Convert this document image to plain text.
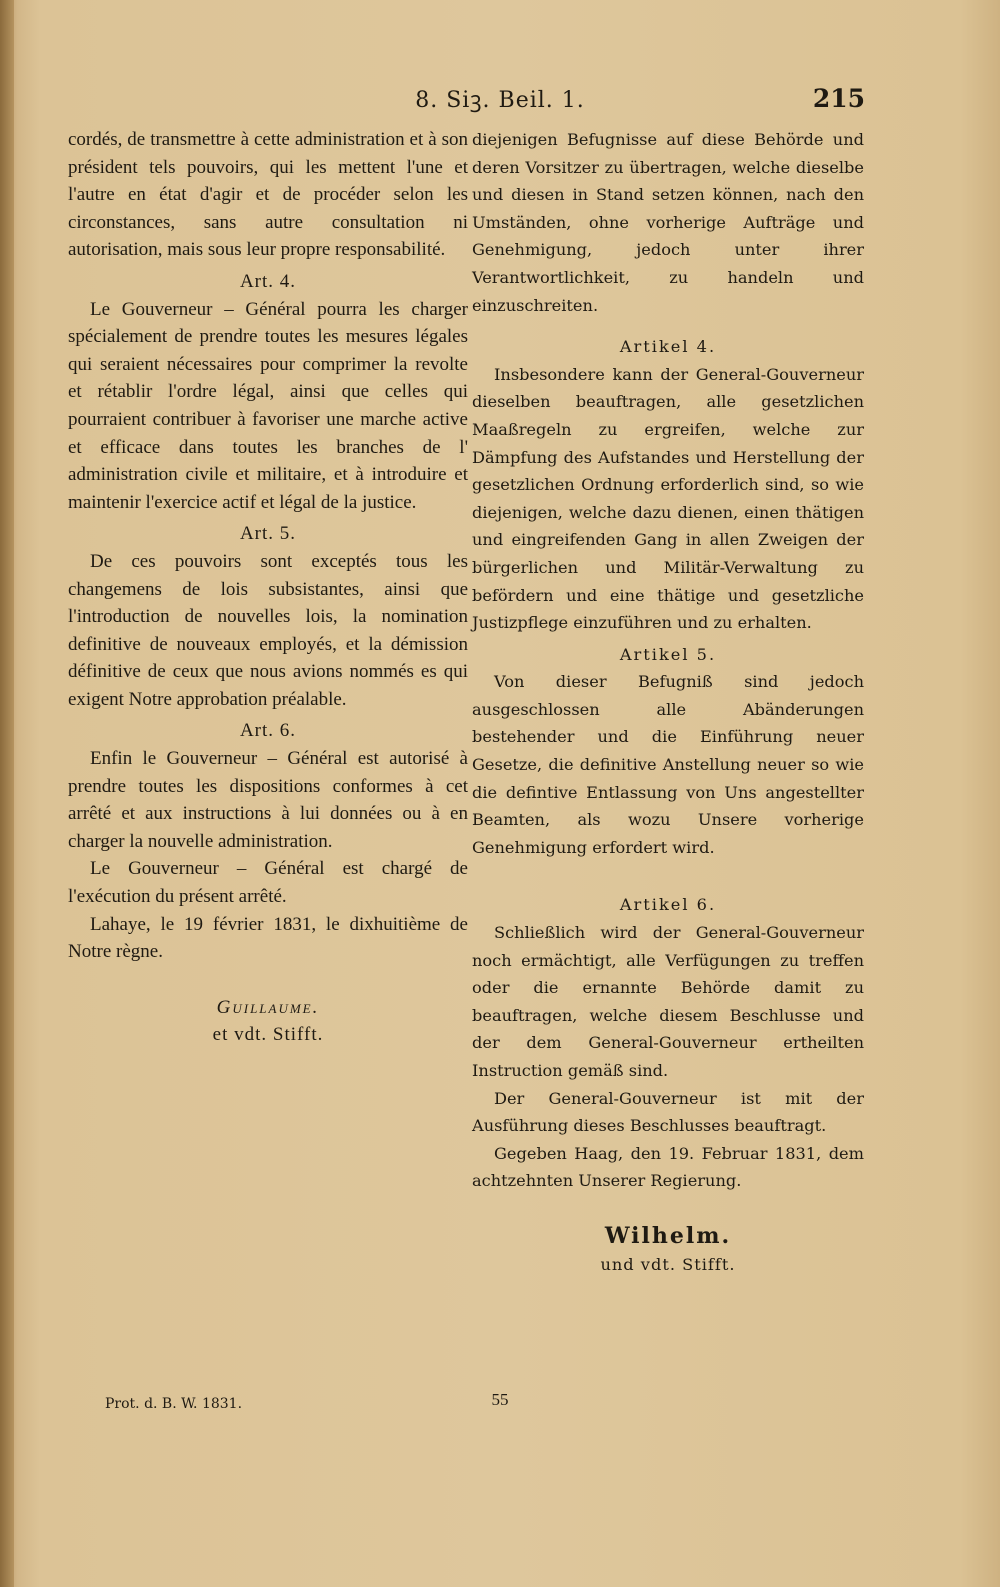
8. Siꝫ. Beil. 1.	215

cordés, de transmettre à cette administration et à son président tels pouvoirs, qui les mettent l'une et l'autre en état d'agir et de procéder selon les circonstances, sans autre consultation ni autorisation, mais sous leur propre responsabilité.

Art. 4.

Le Gouverneur – Général pourra les charger spécialement de prendre toutes les mesures légales qui seraient nécessaires pour comprimer la revolte et rétablir l'ordre légal, ainsi que celles qui pourraient contribuer à favoriser une marche active et efficace dans toutes les branches de l' administration civile et militaire, et à introduire et maintenir l'exercice actif et légal de la justice.

Art. 5.

De ces pouvoirs sont exceptés tous les changemens de lois subsistantes, ainsi que l'introduction de nouvelles lois, la nomination definitive de nouveaux employés, et la démission définitive de ceux que nous avions nommés es qui exigent Notre approbation préalable.

Art. 6.

Enfin le Gouverneur – Général est autorisé à prendre toutes les dispositions conformes à cet arrêté et aux instructions à lui données ou à en charger la nouvelle administration.

Le Gouverneur – Général est chargé de l'exécution du présent arrêté.

Lahaye, le 19 février 1831, le dixhuitième de Notre règne.

Guillaume.
et vdt. Stifft.

diejenigen Befugnisse auf diese Behörde und deren Vorsitzer zu übertragen, welche dieselbe und diesen in Stand setzen können, nach den Umständen, ohne vorherige Aufträge und Genehmigung, jedoch unter ihrer Verantwortlichkeit, zu handeln und einzuschreiten.

Artikel 4.

Insbesondere kann der General-Gouverneur dieselben beauftragen, alle gesetzlichen Maaßregeln zu ergreifen, welche zur Dämpfung des Aufstandes und Herstellung der gesetzlichen Ordnung erforderlich sind, so wie diejenigen, welche dazu dienen, einen thätigen und eingreifenden Gang in allen Zweigen der bürgerlichen und Militär-Verwaltung zu befördern und eine thätige und gesetzliche Justizpflege einzuführen und zu erhalten.

Artikel 5.

Von dieser Befugniß sind jedoch ausgeschlossen alle Abänderungen bestehender und die Einführung neuer Gesetze, die definitive Anstellung neuer so wie die defintive Entlassung von Uns angestellter Beamten, als wozu Unsere vorherige Genehmigung erfordert wird.

Artikel 6.

Schließlich wird der General-Gouverneur noch ermächtigt, alle Verfügungen zu treffen oder die ernannte Behörde damit zu beauftragen, welche diesem Beschlusse und der dem General-Gouverneur ertheilten Instruction gemäß sind.

Der General-Gouverneur ist mit der Ausführung dieses Beschlusses beauftragt.

Gegeben Haag, den 19. Februar 1831, dem achtzehnten Unserer Regierung.

Wilhelm.
und vdt. Stifft.
Prot. d. B. W. 1831.	55
